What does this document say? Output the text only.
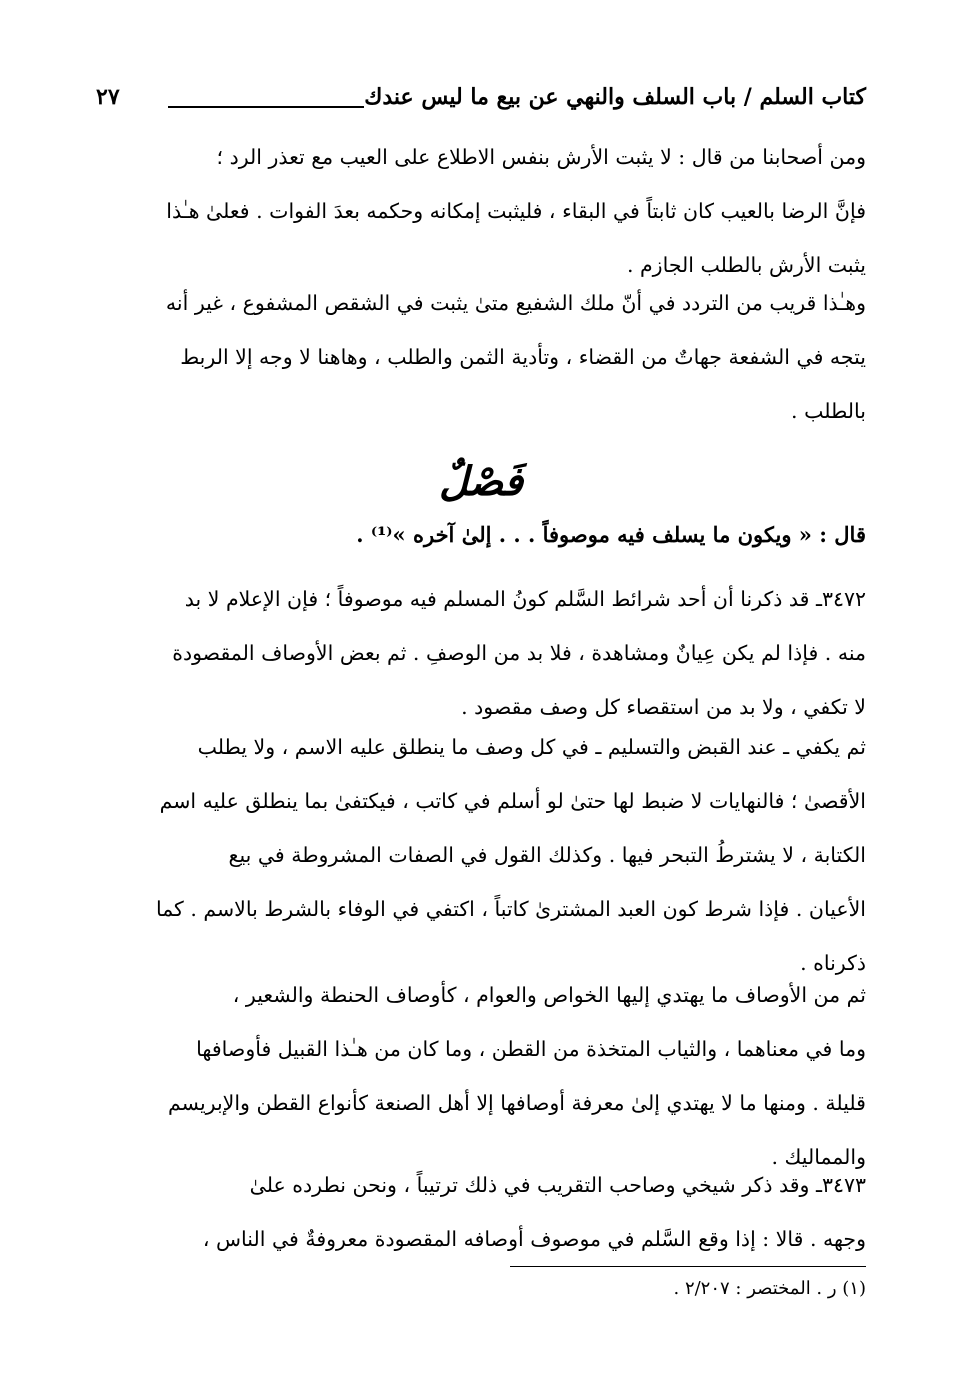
كتاب السلم / باب السلف والنهي عن بيع ما ليس عندك
٢٧
ومن أصحابنا من قال : لا يثبت الأرش بنفس الاطلاع على العيب مع تعذر الرد ؛
فإنَّ الرضا بالعيب كان ثابتاً في البقاء ، فليثبت إمكانه وحكمه بعدَ الفوات . فعلىٰ هـٰذا
يثبت الأرش بالطلب الجازم .
وهـٰذا قريب من التردد في أنّ ملك الشفيع متىٰ يثبت في الشقص المشفوع ، غير أنه
يتجه في الشفعة جهاتٌ من القضاء ، وتأدية الثمن والطلب ، وهاهنا لا وجه إلا الربط
بالطلب .
فَصْلٌ
قال : « ويكون ما يسلف فيه موصوفاً . . . إلىٰ آخره »⁽¹⁾ .
٣٤٧٢ـ قد ذكرنا أن أحد شرائط السَّلم كونُ المسلم فيه موصوفاً ؛ فإن الإعلام لا بد
منه . فإذا لم يكن عِيانٌ ومشاهدة ، فلا بد من الوصفِ . ثم بعض الأوصاف المقصودة
لا تكفي ، ولا بد من استقصاء كل وصف مقصود .
ثم يكفي ـ عند القبض والتسليم ـ في كل وصف ما ينطلق عليه الاسم ، ولا يطلب
الأقصىٰ ؛ فالنهايات لا ضبط لها حتىٰ لو أسلم في كاتب ، فيكتفىٰ بما ينطلق عليه اسم
الكتابة ، لا يشترطُ التبحر فيها . وكذلك القول في الصفات المشروطة في بيع
الأعيان . فإذا شرط كون العبد المشترىٰ كاتباً ، اكتفي في الوفاء بالشرط بالاسم . كما
ذكرناه .
ثم من الأوصاف ما يهتدي إليها الخواص والعوام ، كأوصاف الحنطة والشعير ،
وما في معناهما ، والثياب المتخذة من القطن ، وما كان من هـٰذا القبيل فأوصافها
قليلة . ومنها ما لا يهتدي إلىٰ معرفة أوصافها إلا أهل الصنعة كأنواع القطن والإبريسم
والمماليك .
٣٤٧٣ـ وقد ذكر شيخي وصاحب التقريب في ذلك ترتيباً ، ونحن نطرده علىٰ
وجهه . قالا : إذا وقع السَّلم في موصوف أوصافه المقصودة معروفةٌ في الناس ،
(١) ر . المختصر : ٢/٢٠٧ .
